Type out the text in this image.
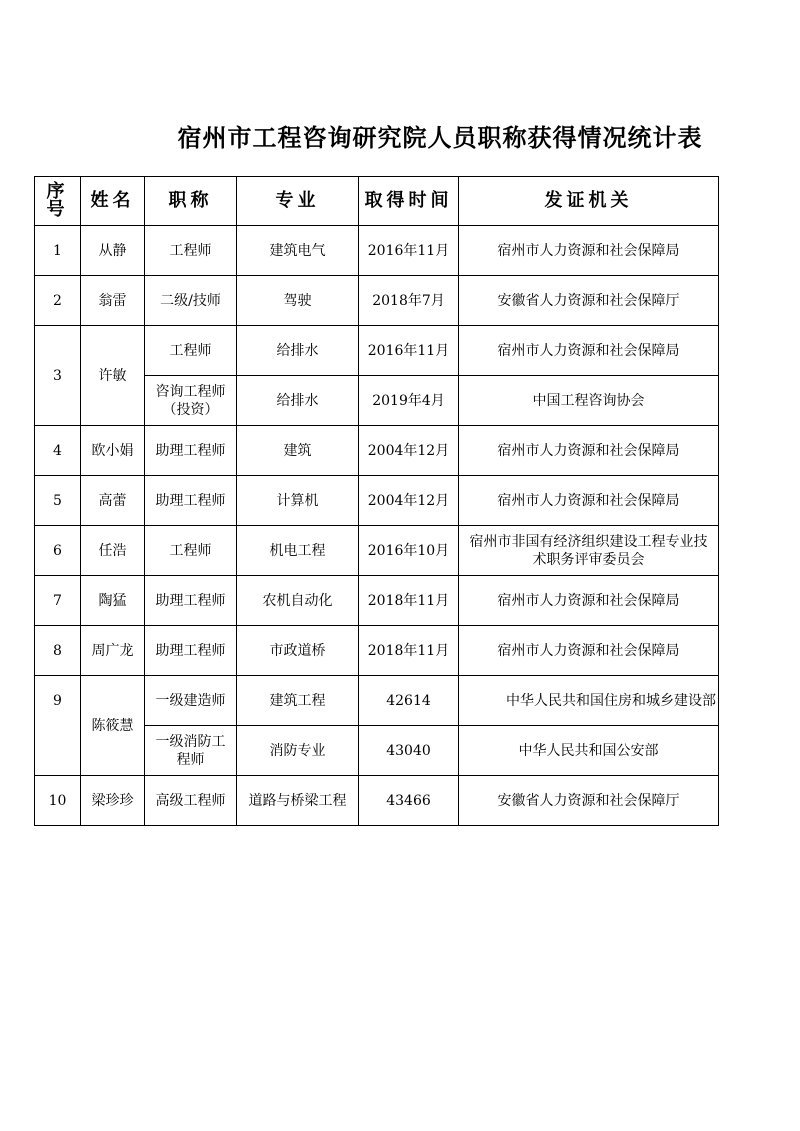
宿州市工程咨询研究院人员职称获得情况统计表
序号	姓名	职称	专业	取得时间	发证机关
1	从静	工程师	建筑电气	2016年11月	宿州市人力资源和社会保障局
2	翁雷	二级/技师	驾驶	2018年7月	安徽省人力资源和社会保障厅
3	许敏	工程师	给排水	2016年11月	宿州市人力资源和社会保障局
		咨询工程师（投资）	给排水	2019年4月	中国工程咨询协会
4	欧小娟	助理工程师	建筑	2004年12月	宿州市人力资源和社会保障局
5	高蕾	助理工程师	计算机	2004年12月	宿州市人力资源和社会保障局
6	任浩	工程师	机电工程	2016年10月	宿州市非国有经济组织建设工程专业技术职务评审委员会
7	陶猛	助理工程师	农机自动化	2018年11月	宿州市人力资源和社会保障局
8	周广龙	助理工程师	市政道桥	2018年11月	宿州市人力资源和社会保障局
9	陈筱慧	一级建造师	建筑工程	42614	中华人民共和国住房和城乡建设部
		一级消防工程师	消防专业	43040	中华人民共和国公安部
10	梁珍珍	高级工程师	道路与桥梁工程	43466	安徽省人力资源和社会保障厅
